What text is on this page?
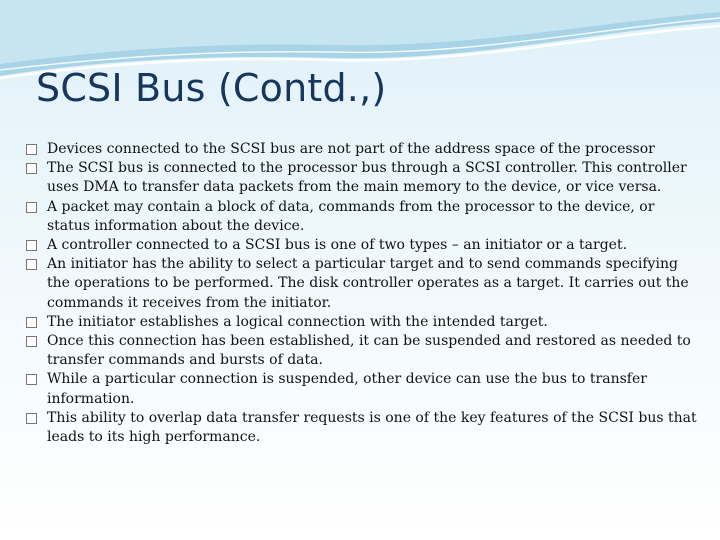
SCSI Bus (Contd.,)
Devices connected to the SCSI bus are not part of the address space of the processor
The SCSI bus is connected to the processor bus through a SCSI controller. This controller uses DMA to transfer data packets from the main memory to the device, or vice versa.
A packet may contain a block of data, commands from the processor to the device, or status information about the device.
A controller connected to a SCSI bus is one of two types – an initiator or a target.
An initiator has the ability to select a particular target and to send commands specifying the operations to be performed. The disk controller operates as a target. It carries out the commands it receives from the initiator.
The initiator establishes a logical connection with the intended target.
Once this connection has been established, it can be suspended and restored as needed to transfer commands and bursts of data.
While a particular connection is suspended, other device can use the bus to transfer information.
This ability to overlap data transfer requests is one of the key features of the SCSI bus that leads to its high performance.
